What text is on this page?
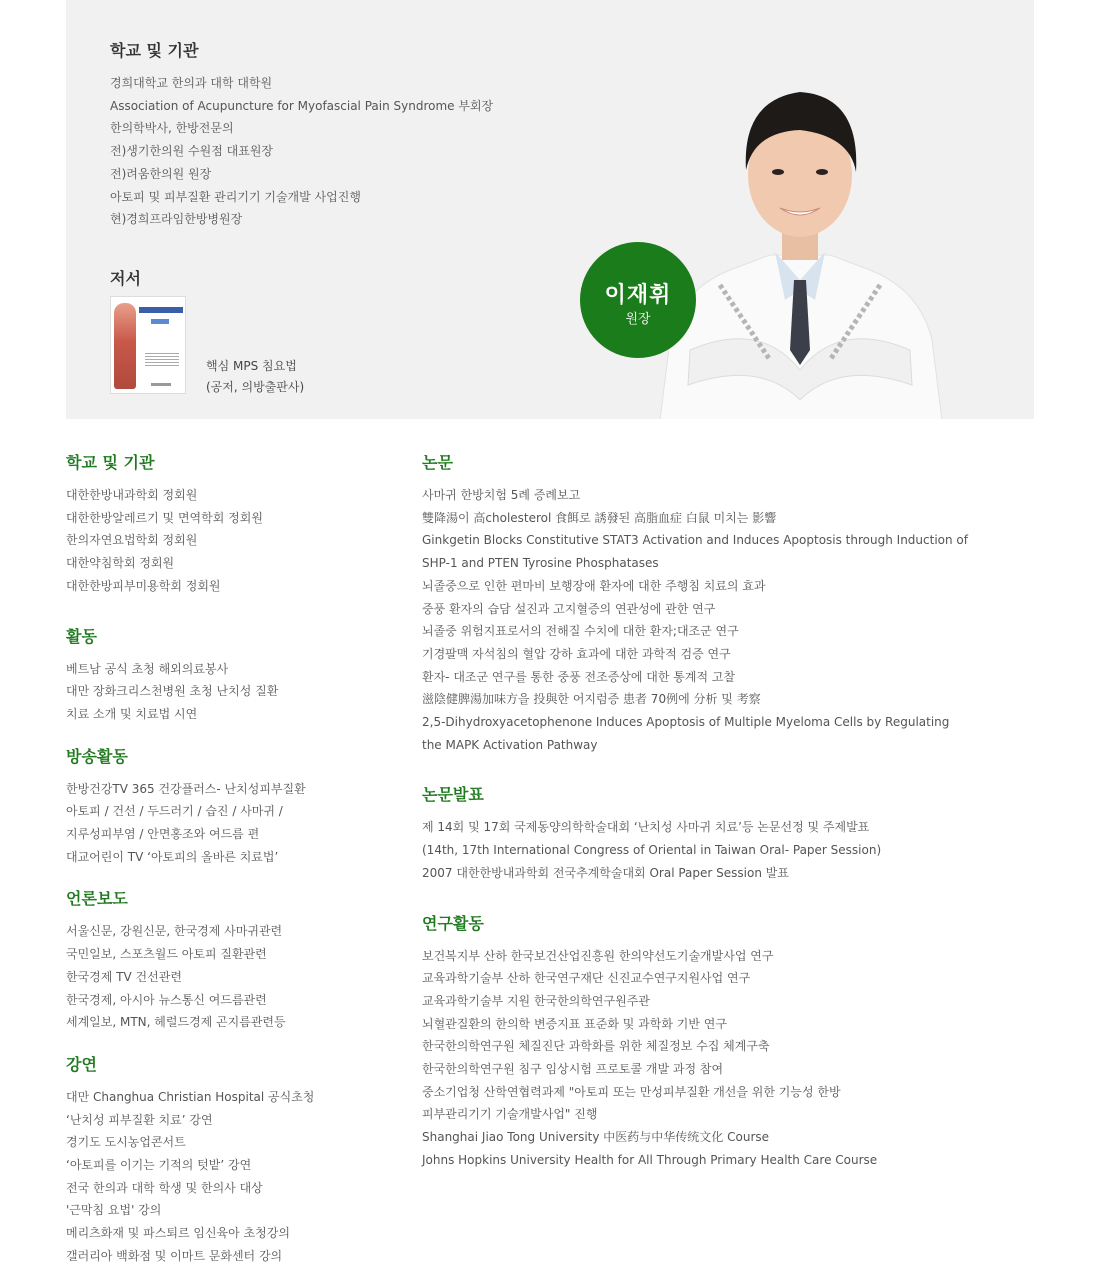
학교 및 기관
경희대학교 한의과 대학 대학원
Association of Acupuncture for Myofascial Pain Syndrome 부회장
한의학박사, 한방전문의
전)생기한의원 수원점 대표원장
전)려움한의원 원장
아토피 및 피부질환 관리기기 기술개발 사업진행
현)경희프라임한방병원장
저서
핵심 MPS 침요법
(공저, 의방출판사)
이재휘
원장
학교 및 기관
대한한방내과학회 정회원
대한한방알레르기 및 면역학회 정회원
한의자연요법학회 정회원
대한약침학회 정회원
대한한방피부미용학회 정회원
활동
베트남 공식 초청 해외의료봉사
대만 장화크리스천병원 초청 난치성 질환
치료 소개 및 치료법 시연
방송활동
한방건강TV 365 건강플러스- 난치성피부질환
아토피 / 건선 / 두드러기 / 습진 / 사마귀 /
지루성피부염 / 안면홍조와 여드름 편
대교어린이 TV ‘아토피의 올바른 치료법’
언론보도
서울신문, 강원신문, 한국경제 사마귀관련
국민일보, 스포츠월드 아토피 질환관련
한국경제 TV 건선관련
한국경제, 아시아 뉴스통신 여드름관련
세계일보, MTN, 헤럴드경제 곤지름관련등
강연
대만 Changhua Christian Hospital 공식초청
‘난치성 피부질환 치료’ 강연
경기도 도시농업콘서트
‘아토피를 이기는 기적의 텃밭’ 강연
전국 한의과 대학 학생 및 한의사 대상
'근막침 요법' 강의
메리츠화재 및 파스퇴르 임신육아 초청강의
갤러리아 백화점 및 이마트 문화센터 강의
논문
사마귀 한방치험 5례 증례보고
雙降湯이 高cholesterol 食餌로 誘發된 高脂血症 白鼠 미치는 影響
Ginkgetin Blocks Constitutive STAT3 Activation and Induces Apoptosis through Induction of
SHP-1 and PTEN Tyrosine Phosphatases
뇌졸중으로 인한 편마비 보행장애 환자에 대한 주행침 치료의 효과
중풍 환자의 습담 설진과 고지혈증의 연관성에 관한 연구
뇌졸중 위험지표로서의 전해질 수치에 대한 환자;대조군 연구
기경팔맥 자석침의 혈압 강하 효과에 대한 과학적 검증 연구
환자- 대조군 연구를 통한 중풍 전조증상에 대한 통계적 고찰
滋陰健脾湯加味方을 投與한 어지럼증 患者 70例에 分析 및 考察
2,5-Dihydroxyacetophenone Induces Apoptosis of Multiple Myeloma Cells by Regulating
the MAPK Activation Pathway
논문발표
제 14회 및 17회 국제동양의학학술대회 ‘난치성 사마귀 치료’등 논문선정 및 주제발표
(14th, 17th International Congress of Oriental in Taiwan Oral- Paper Session)
2007 대한한방내과학회 전국추계학술대회 Oral Paper Session 발표
연구활동
보건복지부 산하 한국보건산업진흥원 한의약선도기술개발사업 연구
교육과학기술부 산하 한국연구재단 신진교수연구지원사업 연구
교육과학기술부 지원 한국한의학연구원주관
뇌혈관질환의 한의학 변증지표 표준화 및 과학화 기반 연구
한국한의학연구원 체질진단 과학화를 위한 체질정보 수집 체계구축
한국한의학연구원 침구 임상시험 프로토콜 개발 과정 참여
중소기업청 산학연협력과제 "아토피 또는 만성피부질환 개선을 위한 기능성 한방
피부관리기기 기술개발사업" 진행
Shanghai Jiao Tong University 中医药与中华传统文化 Course
Johns Hopkins University Health for All Through Primary Health Care Course
